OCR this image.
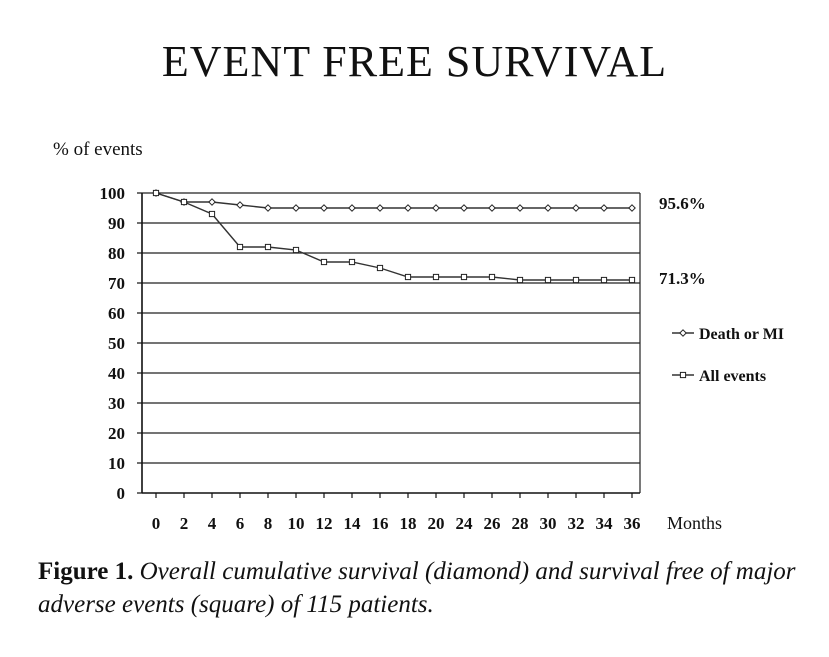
EVENT FREE SURVIVAL
% of events
0
10
20
30
40
50
60
70
80
90
100
0 2 4 6 8 10 12 14 16 18 20 24 26 28 30 32 34 36 Months
95.6%
71.3%
Death or MI
All events
Figure 1. Overall cumulative survival (diamond) and survival free of major adverse events (square) of 115 patients.
